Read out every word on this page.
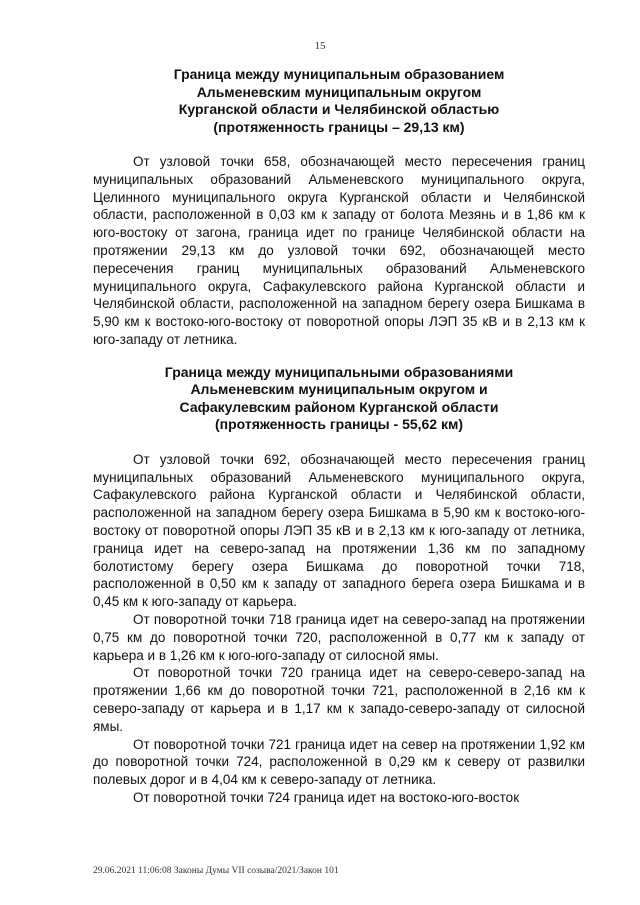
15
Граница между муниципальным образованием
Альменевским муниципальным округом
Курганской области и Челябинской областью
(протяженность границы – 29,13 км)

От узловой точки 658, обозначающей место пересечения границ муниципальных образований Альменевского муниципального округа, Целинного муниципального округа Курганской области и Челябинской области, расположенной в 0,03 км к западу от болота Мезянь и в 1,86 км к юго-востоку от загона, граница идет по границе Челябинской области на протяжении 29,13 км до узловой точки 692, обозначающей место пересечения границ муниципальных образований Альменевского муниципального округа, Сафакулевского района Курганской области и Челябинской области, расположенной на западном берегу озера Бишкама в 5,90 км к востоко-юго-востоку от поворотной опоры ЛЭП 35 кВ и в 2,13 км к юго-западу от летника.

Граница между муниципальными образованиями
Альменевским муниципальным округом и
Сафакулевским районом Курганской области
(протяженность границы - 55,62 км)

От узловой точки 692, обозначающей место пересечения границ муниципальных образований Альменевского муниципального округа, Сафакулевского района Курганской области и Челябинской области, расположенной на западном берегу озера Бишкама в 5,90 км к востоко-юго-востоку от поворотной опоры ЛЭП 35 кВ и в 2,13 км к юго-западу от летника, граница идет на северо-запад на протяжении 1,36 км по западному болотистому берегу озера Бишкама до поворотной точки 718, расположенной в 0,50 км к западу от западного берега озера Бишкама и в 0,45 км к юго-западу от карьера.

От поворотной точки 718 граница идет на северо-запад на протяжении 0,75 км до поворотной точки 720, расположенной в 0,77 км к западу от карьера и в 1,26 км к юго-юго-западу от силосной ямы.

От поворотной точки 720 граница идет на северо-северо-запад на протяжении 1,66 км до поворотной точки 721, расположенной в 2,16 км к северо-западу от карьера и в 1,17 км к западо-северо-западу от силосной ямы.

От поворотной точки 721 граница идет на север на протяжении 1,92 км до поворотной точки 724, расположенной в 0,29 км к северу от развилки полевых дорог и в 4,04 км к северо-западу от летника.

От поворотной точки 724 граница идет на востоко-юго-восток

29.06.2021 11:06:08 Законы Думы VII созыва/2021/Закон 101
